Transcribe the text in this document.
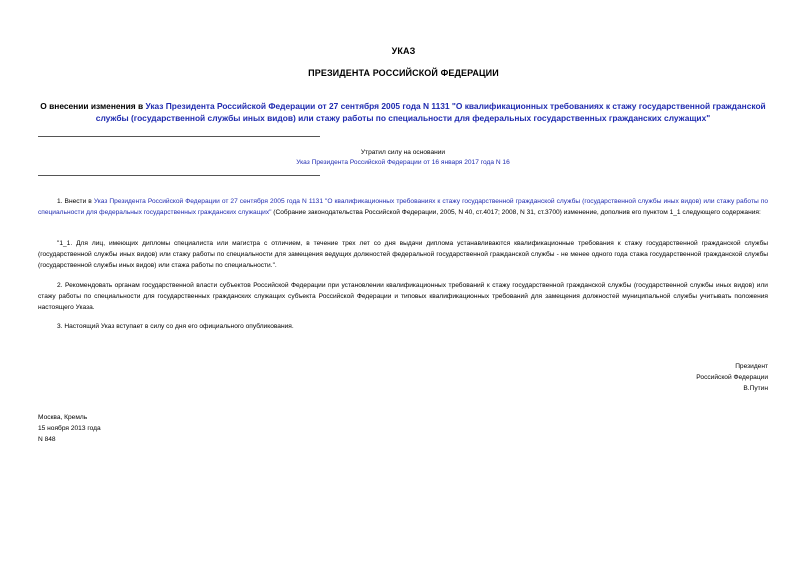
УКАЗ
ПРЕЗИДЕНТА РОССИЙСКОЙ ФЕДЕРАЦИИ
О внесении изменения в Указ Президента Российской Федерации от 27 сентября 2005 года N 1131 "О квалификационных требованиях к стажу государственной гражданской службы (государственной службы иных видов) или стажу работы по специальности для федеральных государственных гражданских служащих"
Утратил силу на основании
Указ Президента Российской Федерации от 16 января 2017 года N 16
1. Внести в Указ Президента Российской Федерации от 27 сентября 2005 года N 1131 "О квалификационных требованиях к стажу государственной гражданской службы (государственной службы иных видов) или стажу работы по специальности для федеральных государственных гражданских служащих" (Собрание законодательства Российской Федерации, 2005, N 40, ст.4017; 2008, N 31, ст.3700) изменение, дополнив его пунктом 1_1 следующего содержания:
"1_1. Для лиц, имеющих дипломы специалиста или магистра с отличием, в течение трех лет со дня выдачи диплома устанавливаются квалификационные требования к стажу государственной гражданской службы (государственной службы иных видов) или стажу работы по специальности для замещения ведущих должностей федеральной государственной гражданской службы - не менее одного года стажа государственной гражданской службы (государственной службы иных видов) или стажа работы по специальности.".
2. Рекомендовать органам государственной власти субъектов Российской Федерации при установлении квалификационных требований к стажу государственной гражданской службы (государственной службы иных видов) или стажу работы по специальности для государственных гражданских служащих субъекта Российской Федерации и типовых квалификационных требований для замещения должностей муниципальной службы учитывать положения настоящего Указа.
3. Настоящий Указ вступает в силу со дня его официального опубликования.
Президент
Российской Федерации
В.Путин
Москва, Кремль
15 ноября 2013 года
N 848
